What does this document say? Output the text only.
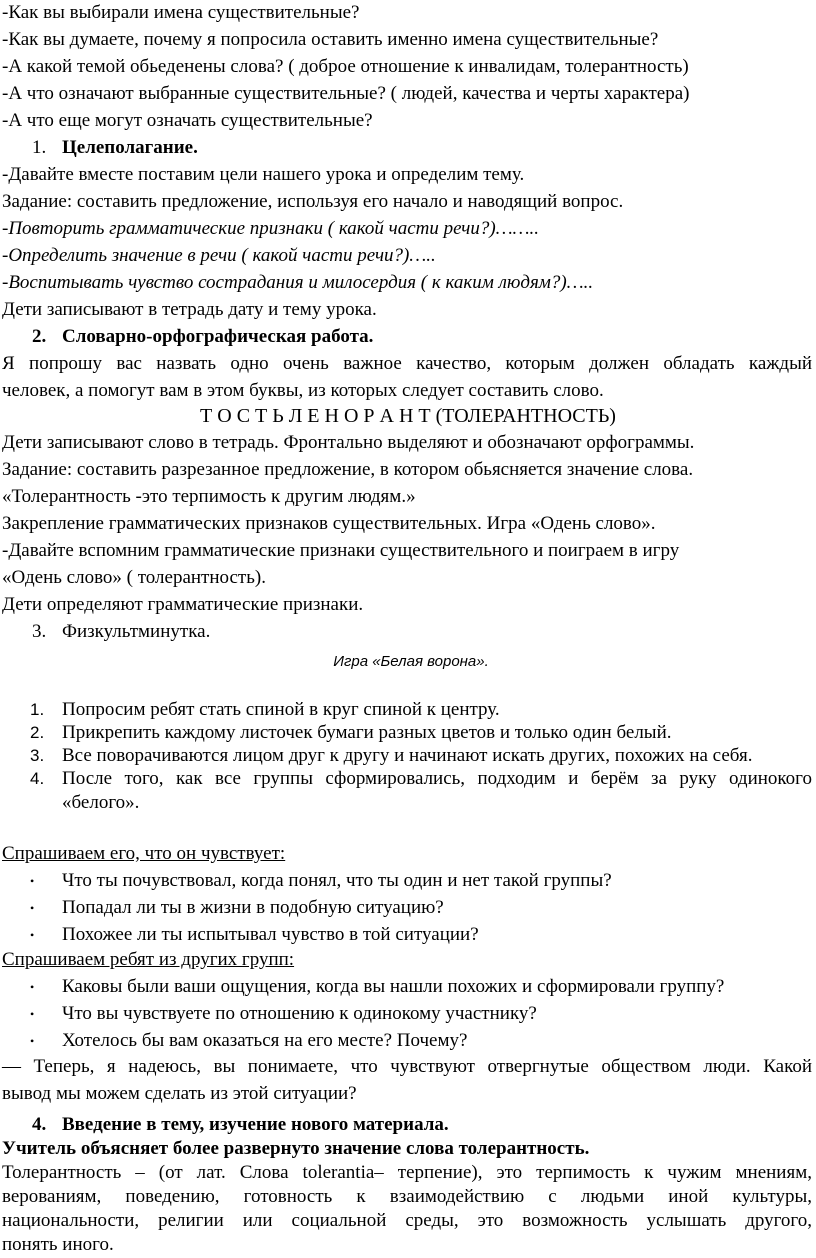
-Как вы выбирали имена существительные?
-Как вы думаете, почему я попросила оставить именно имена существительные?
-А какой темой обьеденены слова? ( доброе отношение к инвалидам, толерантность)
-А что означают выбранные существительные? ( людей, качества и черты характера)
-А что еще могут означать существительные?
1. Целеполагание.
-Давайте вместе поставим цели нашего урока и определим тему.
Задание: составить предложение, используя его начало и наводящий вопрос.
-Повторить грамматические признаки ( какой части речи?)……..
-Определить значение в речи ( какой части речи?)…..
-Воспитывать чувство сострадания и милосердия ( к каким людям?)…..
Дети записывают в тетрадь дату и тему урока.
2. Словарно-орфографическая работа.
Я попрошу вас назвать одно очень важное качество, которым должен обладать каждый
человек, а помогут вам в этом буквы, из которых следует составить слово.
Т О С Т Ь Л Е Н О Р А Н Т (ТОЛЕРАНТНОСТЬ)
Дети записывают слово в тетрадь. Фронтально выделяют и обозначают орфограммы.
Задание: составить разрезанное предложение, в котором обьясняется значение слова.
«Толерантность -это терпимость к другим людям.»
Закрепление грамматических признаков существительных. Игра «Одень слово».
-Давайте вспомним грамматические признаки существительного и поиграем в игру
«Одень слово» ( толерантность).
Дети определяют грамматические признаки.
3. Физкультминутка.
Игра «Белая ворона».
1. Попросим ребят стать спиной в круг спиной к центру.
2. Прикрепить каждому листочек бумаги разных цветов и только один белый.
3. Все поворачиваются лицом друг к другу и начинают искать других, похожих на себя.
4. После того, как все группы сформировались, подходим и берём за руку одинокого
«белого».
Спрашиваем его, что он чувствует:
• Что ты почувствовал, когда понял, что ты один и нет такой группы?
• Попадал ли ты в жизни в подобную ситуацию?
• Похожее ли ты испытывал чувство в той ситуации?
Спрашиваем ребят из других групп:
• Каковы были ваши ощущения, когда вы нашли похожих и сформировали группу?
• Что вы чувствуете по отношению к одинокому участнику?
• Хотелось бы вам оказаться на его месте? Почему?
— Теперь, я надеюсь, вы понимаете, что чувствуют отвергнутые обществом люди. Какой
вывод мы можем сделать из этой ситуации?
4. Введение в тему, изучение нового материала.
Учитель объясняет более развернуто значение слова толерантность.
Толерантность – (от лат. Слова tolerantia– терпение), это терпимость к чужим мнениям,
верованиям, поведению, готовность к взаимодействию с людьми иной культуры,
национальности, религии или социальной среды, это возможность услышать другого,
понять иного.
